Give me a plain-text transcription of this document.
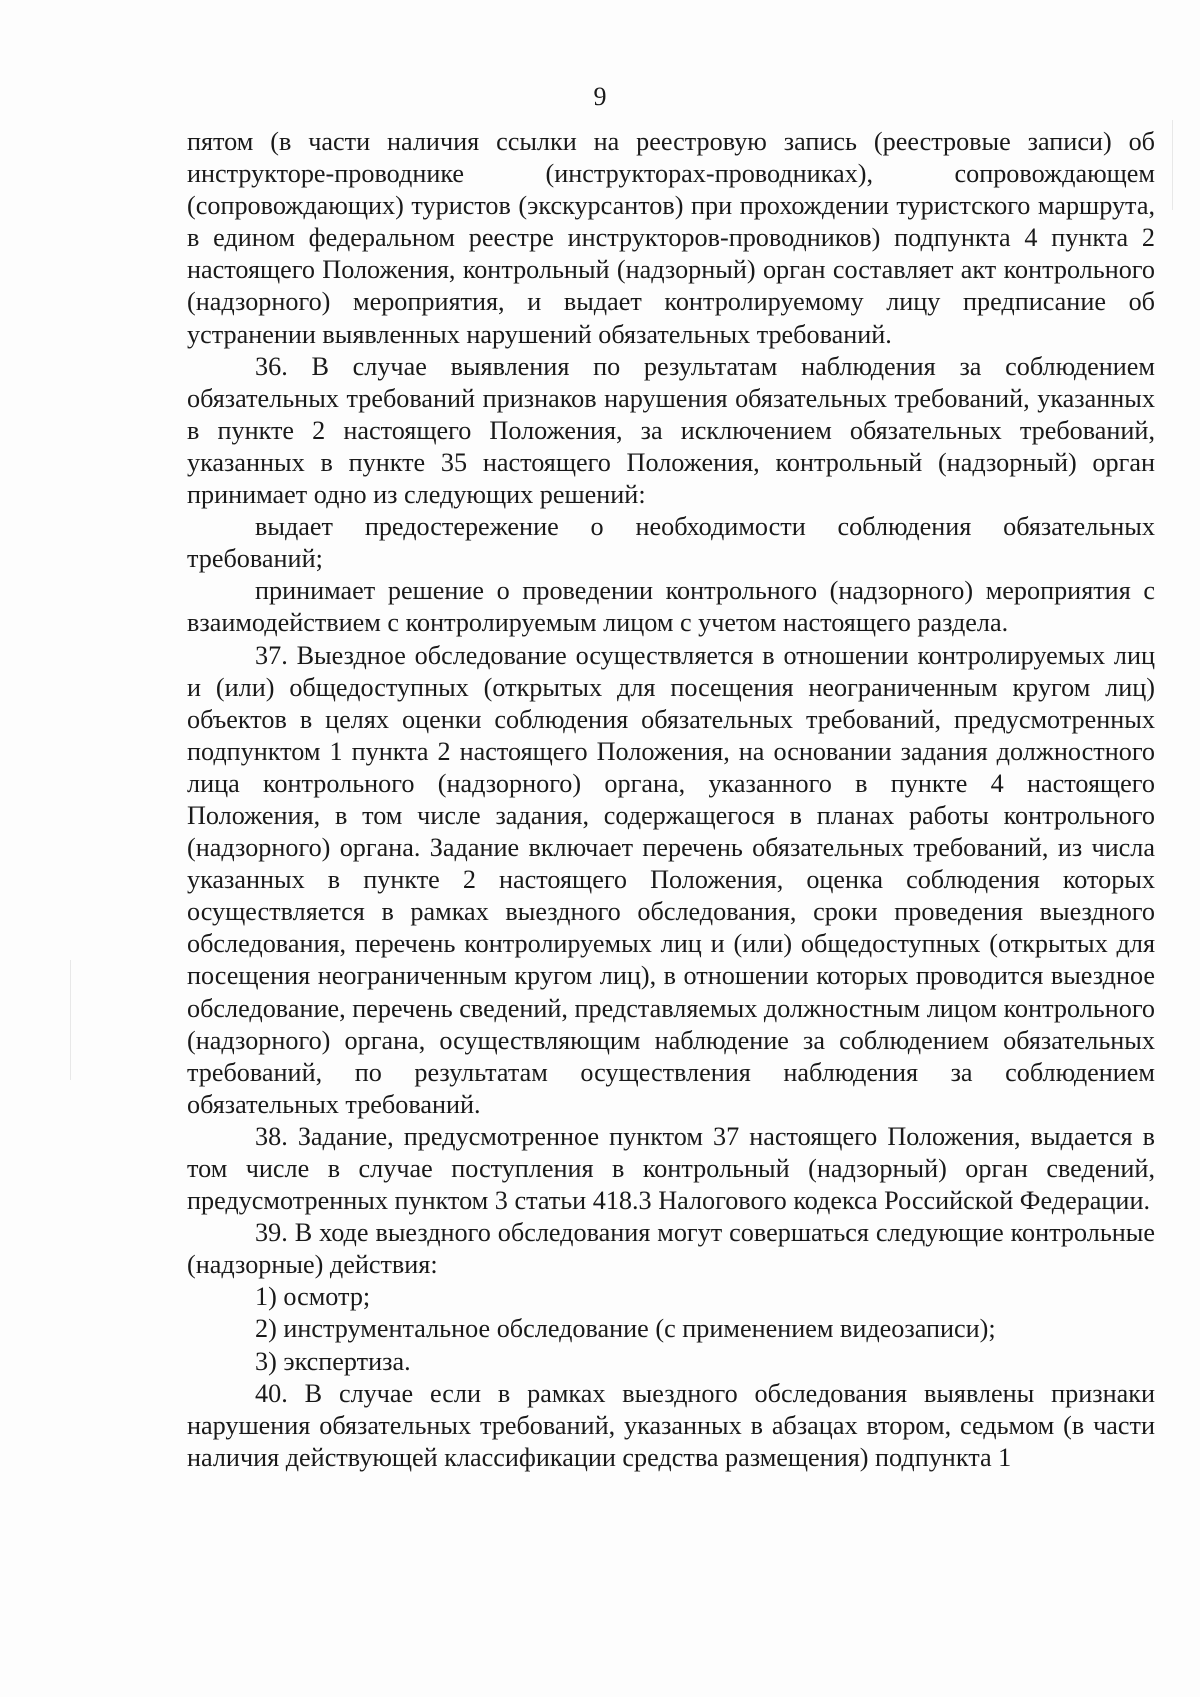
9

пятом (в части наличия ссылки на реестровую запись (реестровые записи) об инструкторе-проводнике (инструкторах-проводниках), сопровождающем (сопровождающих) туристов (экскурсантов) при прохождении туристского маршрута, в едином федеральном реестре инструкторов-проводников) подпункта 4 пункта 2 настоящего Положения, контрольный (надзорный) орган составляет акт контрольного (надзорного) мероприятия, и выдает контролируемому лицу предписание об устранении выявленных нарушений обязательных требований.

36. В случае выявления по результатам наблюдения за соблюдением обязательных требований признаков нарушения обязательных требований, указанных в пункте 2 настоящего Положения, за исключением обязательных требований, указанных в пункте 35 настоящего Положения, контрольный (надзорный) орган принимает одно из следующих решений:

выдает предостережение о необходимости соблюдения обязательных требований;

принимает решение о проведении контрольного (надзорного) мероприятия с взаимодействием с контролируемым лицом с учетом настоящего раздела.

37. Выездное обследование осуществляется в отношении контролируемых лиц и (или) общедоступных (открытых для посещения неограниченным кругом лиц) объектов в целях оценки соблюдения обязательных требований, предусмотренных подпунктом 1 пункта 2 настоящего Положения, на основании задания должностного лица контрольного (надзорного) органа, указанного в пункте 4 настоящего Положения, в том числе задания, содержащегося в планах работы контрольного (надзорного) органа. Задание включает перечень обязательных требований, из числа указанных в пункте 2 настоящего Положения, оценка соблюдения которых осуществляется в рамках выездного обследования, сроки проведения выездного обследования, перечень контролируемых лиц и (или) общедоступных (открытых для посещения неограниченным кругом лиц), в отношении которых проводится выездное обследование, перечень сведений, представляемых должностным лицом контрольного (надзорного) органа, осуществляющим наблюдение за соблюдением обязательных требований, по результатам осуществления наблюдения за соблюдением обязательных требований.

38. Задание, предусмотренное пунктом 37 настоящего Положения, выдается в том числе в случае поступления в контрольный (надзорный) орган сведений, предусмотренных пунктом 3 статьи 418.3 Налогового кодекса Российской Федерации.

39. В ходе выездного обследования могут совершаться следующие контрольные (надзорные) действия:

1) осмотр;

2) инструментальное обследование (с применением видеозаписи);

3) экспертиза.

40. В случае если в рамках выездного обследования выявлены признаки нарушения обязательных требований, указанных в абзацах втором, седьмом (в части наличия действующей классификации средства размещения) подпункта 1
